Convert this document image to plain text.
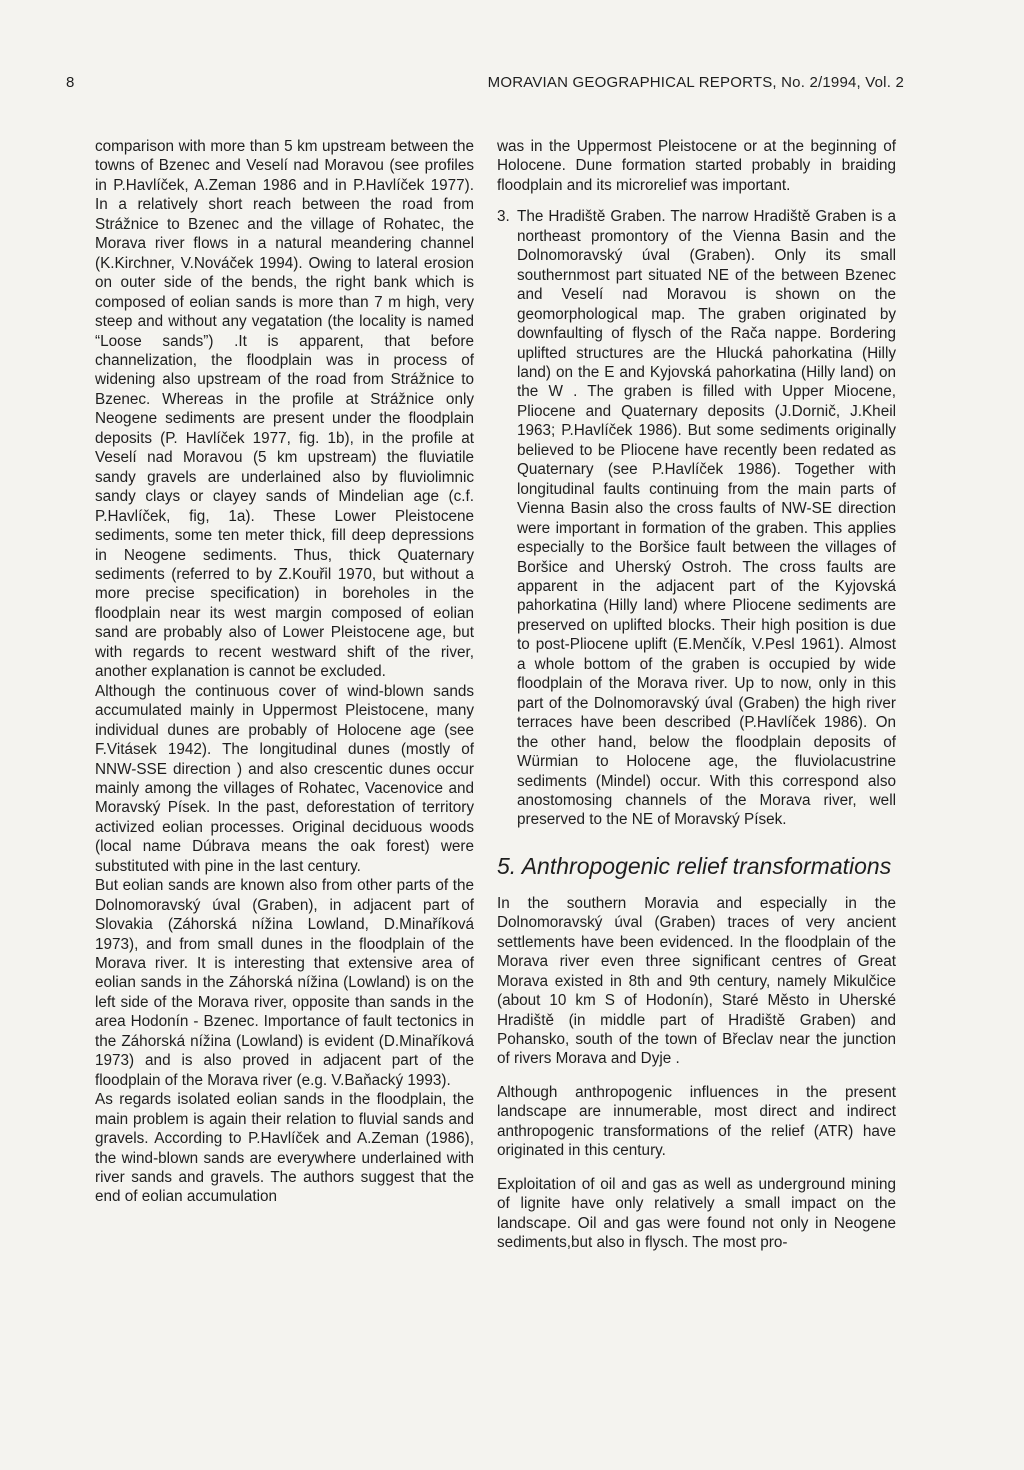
8	MORAVIAN GEOGRAPHICAL REPORTS, No. 2/1994, Vol. 2

comparison with more than 5 km upstream between the towns of Bzenec and Veselí nad Moravou (see profiles in P.Havlíček, A.Zeman 1986 and in P.Havlíček 1977). In a relatively short reach between the road from Strážnice to Bzenec and the village of Rohatec, the Morava river flows in a natural meandering channel (K.Kirchner, V.Nováček 1994). Owing to lateral erosion on outer side of the bends, the right bank which is composed of eolian sands is more than 7 m high, very steep and without any vegatation (the locality is named “Loose sands”) .It is apparent, that before channelization, the floodplain was in process of widening also upstream of the road from Strážnice to Bzenec. Whereas in the profile at Strážnice only Neogene sediments are present under the floodplain deposits (P. Havlíček 1977, fig. 1b), in the profile at Veselí nad Moravou (5 km upstream) the fluviatile sandy gravels are underlained also by fluviolimnic sandy clays or clayey sands of Mindelian age (c.f. P.Havlíček, fig, 1a). These Lower Pleistocene sediments, some ten meter thick, fill deep depressions in Neogene sediments. Thus, thick Quaternary sediments (referred to by Z.Kouřil 1970, but without a more precise specification) in boreholes in the floodplain near its west margin composed of eolian sand are probably also of Lower Pleistocene age, but with regards to recent westward shift of the river, another explanation is cannot be excluded.

Although the continuous cover of wind-blown sands accumulated mainly in Uppermost Pleistocene, many individual dunes are probably of Holocene age (see F.Vitásek 1942). The longitudinal dunes (mostly of NNW-SSE direction ) and also crescentic dunes occur mainly among the villages of Rohatec, Vacenovice and Moravský Písek. In the past, deforestation of territory activized eolian processes. Original deciduous woods (local name Dúbrava means the oak forest) were substituted with pine in the last century.

But eolian sands are known also from other parts of the Dolnomoravský úval (Graben), in adjacent part of Slovakia (Záhorská nížina Lowland, D.Minaříková 1973), and from small dunes in the floodplain of the Morava river. It is interesting that extensive area of eolian sands in the Záhorská nížina (Lowland) is on the left side of the Morava river, opposite than sands in the area Hodonín - Bzenec. Importance of fault tectonics in the Záhorská nížina (Lowland) is evident (D.Minaříková 1973) and is also proved in adjacent part of the floodplain of the Morava river (e.g. V.Baňacký 1993).

As regards isolated eolian sands in the floodplain, the main problem is again their relation to fluvial sands and gravels. According to P.Havlíček and A.Zeman (1986), the wind-blown sands are everywhere underlained with river sands and gravels. The authors suggest that the end of eolian accumulation

was in the Uppermost Pleistocene or at the beginning of Holocene. Dune formation started probably in braiding floodplain and its microrelief was important.

3. The Hradiště Graben. The narrow Hradiště Graben is a northeast promontory of the Vienna Basin and the Dolnomoravský úval (Graben). Only its small southernmost part situated NE of the between Bzenec and Veselí nad Moravou is shown on the geomorphological map. The graben originated by downfaulting of flysch of the Rača nappe. Bordering uplifted structures are the Hlucká pahorkatina (Hilly land) on the E and Kyjovská pahorkatina (Hilly land) on the W . The graben is filled with Upper Miocene, Pliocene and Quaternary deposits (J.Dornič, J.Kheil 1963; P.Havlíček 1986). But some sediments originally believed to be Pliocene have recently been redated as Quaternary (see P.Havlíček 1986). Together with longitudinal faults continuing from the main parts of Vienna Basin also the cross faults of NW-SE direction were important in formation of the graben. This applies especially to the Boršice fault between the villages of Boršice and Uherský Ostroh. The cross faults are apparent in the adjacent part of the Kyjovská pahorkatina (Hilly land) where Pliocene sediments are preserved on uplifted blocks. Their high position is due to post-Pliocene uplift (E.Menčík, V.Pesl 1961). Almost a whole bottom of the graben is occupied by wide floodplain of the Morava river. Up to now, only in this part of the Dolnomoravský úval (Graben) the high river terraces have been described (P.Havlíček 1986). On the other hand, below the floodplain deposits of Würmian to Holocene age, the fluviolacustrine sediments (Mindel) occur. With this correspond also anostomosing channels of the Morava river, well preserved to the NE of Moravský Písek.
5. Anthropogenic relief transformations

In the southern Moravia and especially in the Dolnomoravský úval (Graben) traces of very ancient settlements have been evidenced. In the floodplain of the Morava river even three significant centres of Great Morava existed in 8th and 9th century, namely Mikulčice (about 10 km S of Hodonín), Staré Město in Uherské Hradiště (in middle part of Hradiště Graben) and Pohansko, south of the town of Břeclav near the junction of rivers Morava and Dyje .

Although anthropogenic influences in the present landscape are innumerable, most direct and indirect anthropogenic transformations of the relief (ATR) have originated in this century.

Exploitation of oil and gas as well as underground mining of lignite have only relatively a small impact on the landscape. Oil and gas were found not only in Neogene sediments,but also in flysch. The most pro-
